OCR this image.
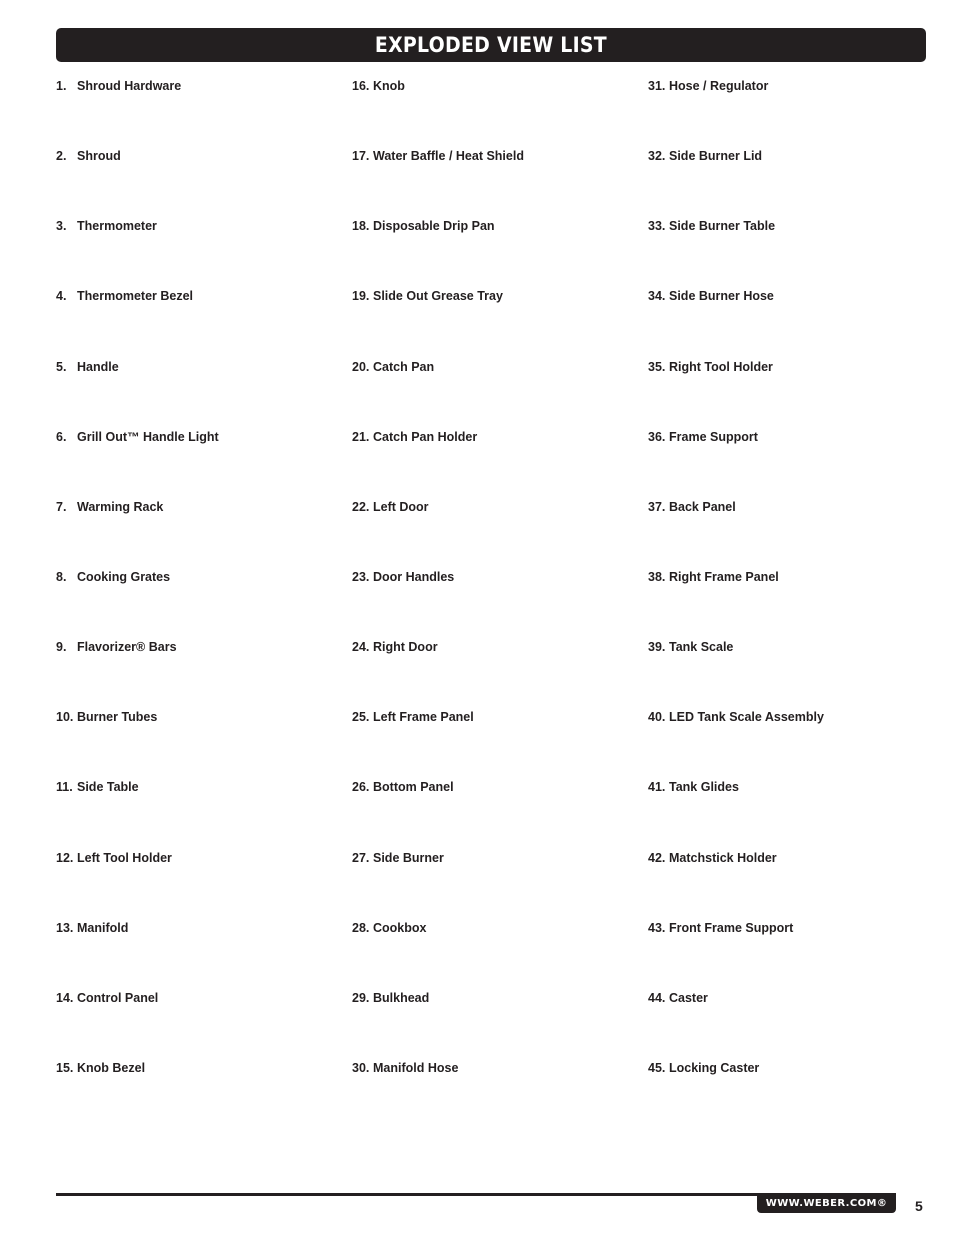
EXPLODED VIEW LIST
1. Shroud Hardware
2. Shroud
3. Thermometer
4. Thermometer Bezel
5. Handle
6. Grill Out™ Handle Light
7. Warming Rack
8. Cooking Grates
9. Flavorizer® Bars
10. Burner Tubes
11. Side Table
12. Left Tool Holder
13. Manifold
14. Control Panel
15. Knob Bezel
16. Knob
17. Water Baffle / Heat Shield
18. Disposable Drip Pan
19. Slide Out Grease Tray
20. Catch Pan
21. Catch Pan Holder
22. Left Door
23. Door Handles
24. Right Door
25. Left Frame Panel
26. Bottom Panel
27. Side Burner
28. Cookbox
29. Bulkhead
30. Manifold Hose
31. Hose / Regulator
32. Side Burner Lid
33. Side Burner Table
34. Side Burner Hose
35. Right Tool Holder
36. Frame Support
37. Back Panel
38. Right Frame Panel
39. Tank Scale
40. LED Tank Scale Assembly
41. Tank Glides
42. Matchstick Holder
43. Front Frame Support
44. Caster
45. Locking Caster
WWW.WEBER.COM® 5
